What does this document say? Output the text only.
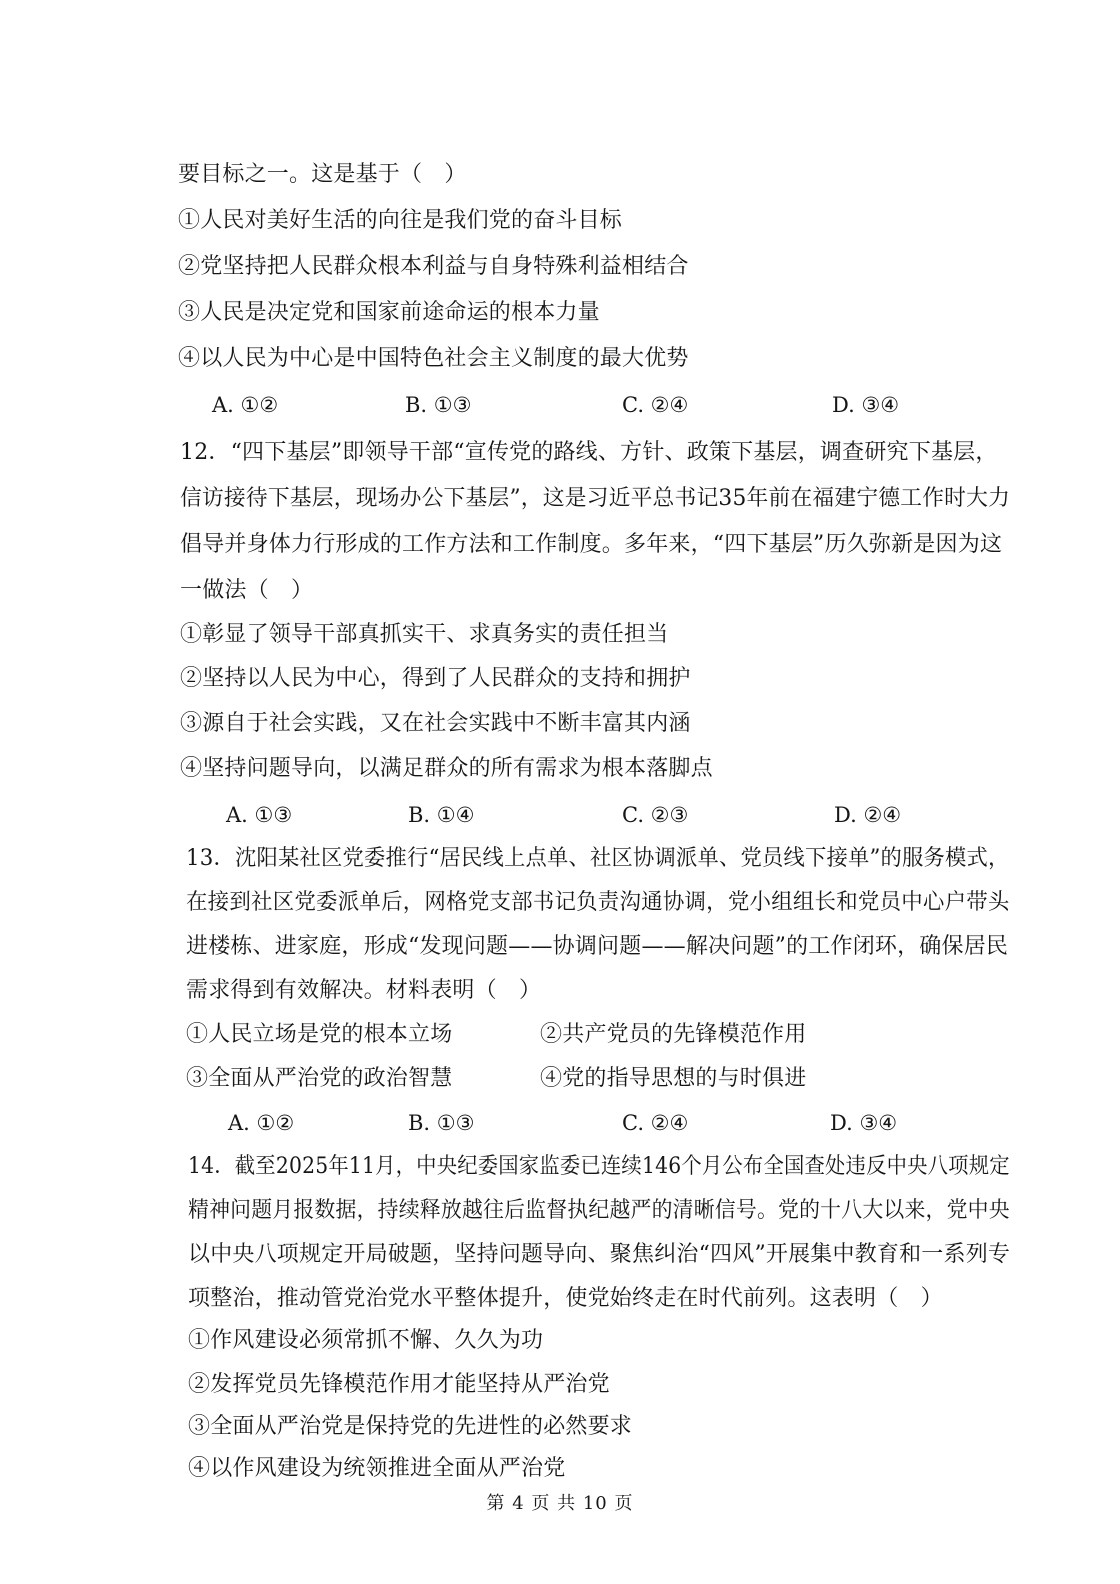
要目标之一。这是基于（　）
①人民对美好生活的向往是我们党的奋斗目标
②党坚持把人民群众根本利益与自身特殊利益相结合
③人民是决定党和国家前途命运的根本力量
④以人民为中心是中国特色社会主义制度的最大优势
A. ①②	B. ①③	C. ②④	D. ③④
12．“四下基层”即领导干部“宣传党的路线、方针、政策下基层，调查研究下基层，
信访接待下基层，现场办公下基层”，这是习近平总书记35年前在福建宁德工作时大力
倡导并身体力行形成的工作方法和工作制度。多年来，“四下基层”历久弥新是因为这
一做法（　）
①彰显了领导干部真抓实干、求真务实的责任担当
②坚持以人民为中心，得到了人民群众的支持和拥护
③源自于社会实践，又在社会实践中不断丰富其内涵
④坚持问题导向，以满足群众的所有需求为根本落脚点
A. ①③	B. ①④	C. ②③	D. ②④
13．沈阳某社区党委推行“居民线上点单、社区协调派单、党员线下接单”的服务模式，
在接到社区党委派单后，网格党支部书记负责沟通协调，党小组组长和党员中心户带头
进楼栋、进家庭，形成“发现问题——协调问题——解决问题”的工作闭环，确保居民
需求得到有效解决。材料表明（　）
①人民立场是党的根本立场	②共产党员的先锋模范作用
③全面从严治党的政治智慧	④党的指导思想的与时俱进
A. ①②	B. ①③	C. ②④	D. ③④
14．截至2025年11月，中央纪委国家监委已连续146个月公布全国查处违反中央八项规定
精神问题月报数据，持续释放越往后监督执纪越严的清晰信号。党的十八大以来，党中央
以中央八项规定开局破题，坚持问题导向、聚焦纠治“四风”开展集中教育和一系列专
项整治，推动管党治党水平整体提升，使党始终走在时代前列。这表明（　）
①作风建设必须常抓不懈、久久为功
②发挥党员先锋模范作用才能坚持从严治党
③全面从严治党是保持党的先进性的必然要求
④以作风建设为统领推进全面从严治党
第 4 页 共 10 页
